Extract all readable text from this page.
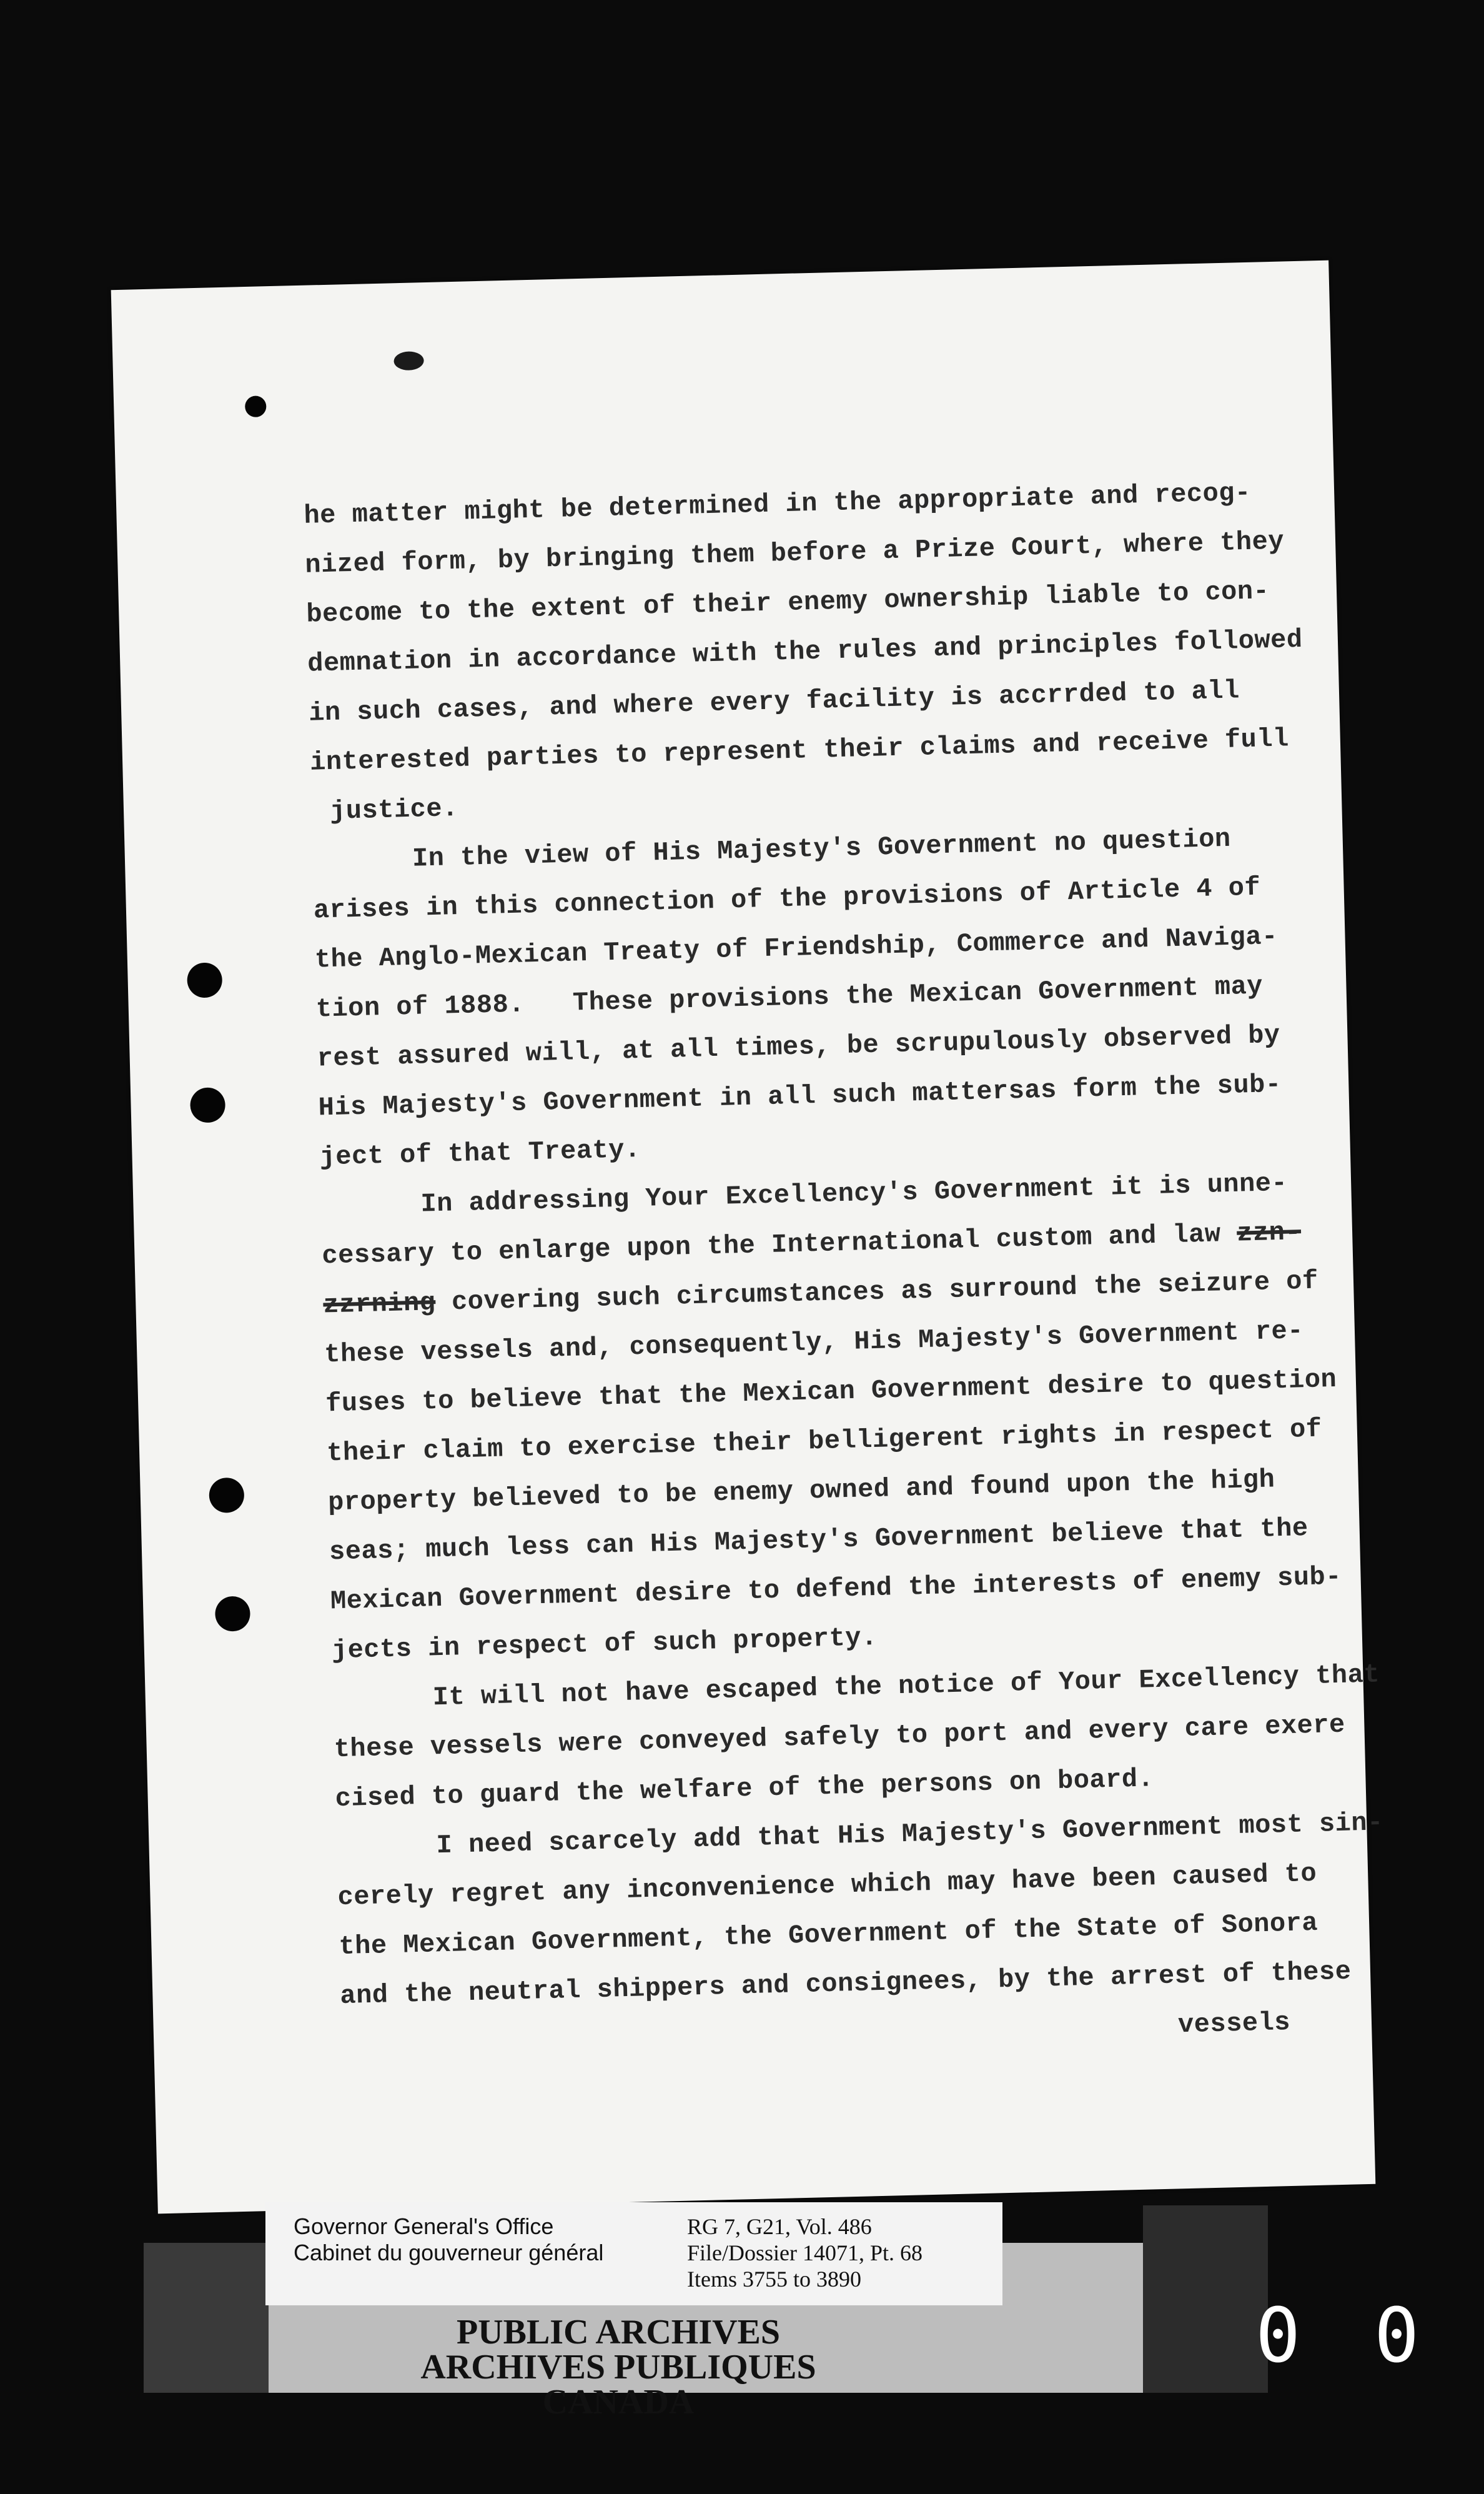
he matter might be determined in the appropriate and recog-
nized form, by bringing them before a Prize Court, where they
become to the extent of their enemy ownership liable to con-
demnation in accordance with the rules and principles followed
in such cases, and where every facility is accrrded to all
interested parties to represent their claims and receive full
justice.
In the view of His Majesty's Government no question
arises in this connection of the provisions of Article 4 of
the Anglo-Mexican Treaty of Friendship, Commerce and Naviga-
tion of 1888.   These provisions the Mexican Government may
rest assured will, at all times, be scrupulously observed by
His Majesty's Government in all such mattersas form the sub-
ject of that Treaty.
In addressing Your Excellency's Government it is unne-
cessary to enlarge upon the International custom and law zzn-
zzrning covering such circumstances as surround the seizure of
these vessels and, consequently, His Majesty's Government re-
fuses to believe that the Mexican Government desire to question
their claim to exercise their belligerent rights in respect of
property believed to be enemy owned and found upon the high
seas; much less can His Majesty's Government believe that the
Mexican Government desire to defend the interests of enemy sub-
jects in respect of such property.
It will not have escaped the notice of Your Excellency that
these vessels were conveyed safely to port and every care exere
cised to guard the welfare of the persons on board.
I need scarcely add that His Majesty's Government most sin-
cerely regret any inconvenience which may have been caused to
the Mexican Government, the Government of the State of Sonora
and the neutral shippers and consignees, by the arrest of these
vessels
Governor General's Office
Cabinet du gouverneur général
RG 7, G21, Vol. 486
File/Dossier 14071, Pt. 68
Items 3755 to 3890
PUBLIC ARCHIVES
ARCHIVES PUBLIQUES
CANADA
0 0
